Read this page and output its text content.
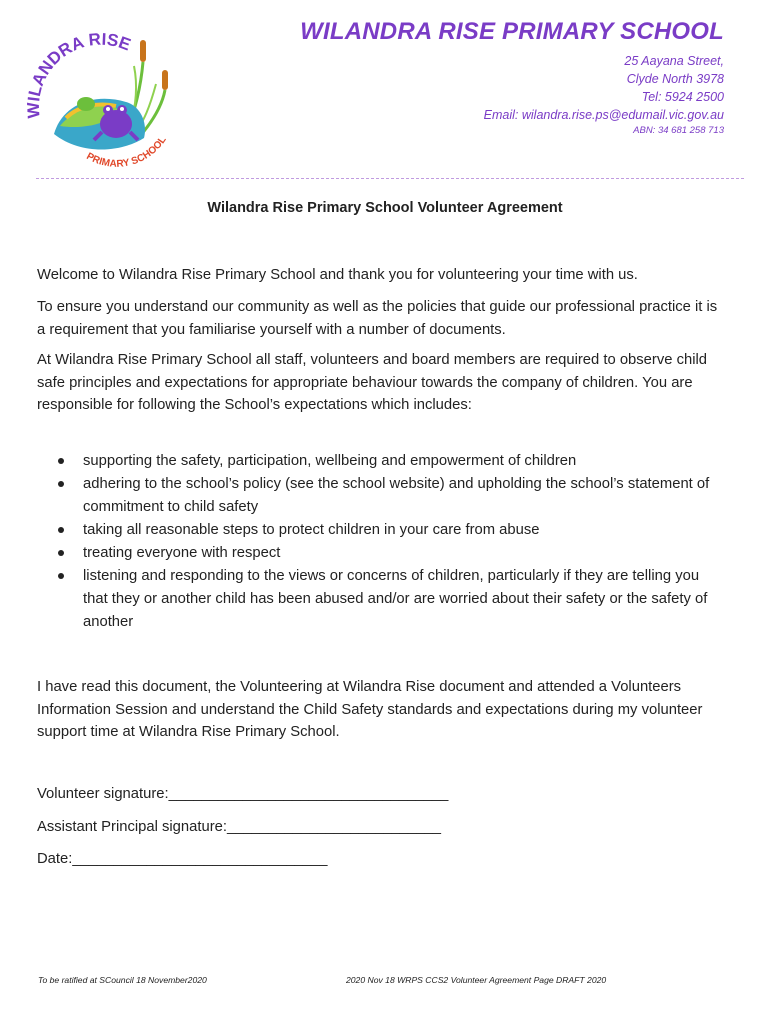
WILANDRA RISE
PRIMARY SCHOOL
WILANDRA RISE PRIMARY SCHOOL
25 Aayana Street,
Clyde North 3978
Tel: 5924 2500
Email: wilandra.rise.ps@edumail.vic.gov.au
ABN: 34 681 258 713
Wilandra Rise Primary School Volunteer Agreement
Welcome to Wilandra Rise Primary School and thank you for volunteering your time with us.
To ensure you understand our community as well as the policies that guide our professional practice it is a requirement that you familiarise yourself with a number of documents.
At Wilandra Rise Primary School all staff, volunteers and board members are required to observe child safe principles and expectations for appropriate behaviour towards the company of children. You are responsible for following the School’s expectations which includes:
supporting the safety, participation, wellbeing and empowerment of children
adhering to the school’s policy (see the school website) and upholding the school’s statement of commitment to child safety
taking all reasonable steps to protect children in your care from abuse
treating everyone with respect
listening and responding to the views or concerns of children, particularly if they are telling you that they or another child has been abused and/or are worried about their safety or the safety of another
I have read this document, the Volunteering at Wilandra Rise document and attended a Volunteers Information Session and understand the Child Safety standards and expectations during my volunteer support time at Wilandra Rise Primary School.
Volunteer signature:__________________________________
Assistant Principal signature:__________________________
Date:_______________________________
To be ratified at SCouncil 18 November2020	2020 Nov 18 WRPS CCS2 Volunteer Agreement Page DRAFT 2020
